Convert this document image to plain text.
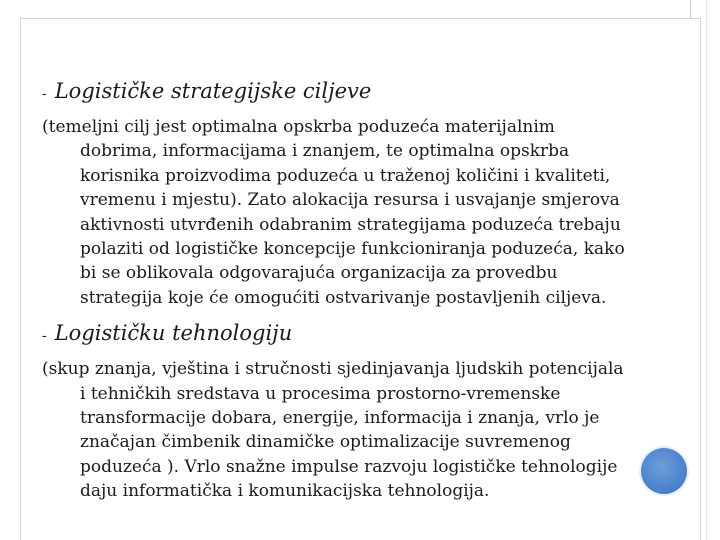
- Logističke strategijske ciljeve

(temeljni cilj jest optimalna opskrba poduzeća materijalnim dobrima, informacijama i znanjem, te optimalna opskrba korisnika proizvodima poduzeća u traženoj količini i kvaliteti, vremenu i mjestu). Zato alokacija resursa i usvajanje smjerova aktivnosti utvrđenih odabranim strategijama poduzeća trebaju polaziti od logističke koncepcije funkcioniranja poduzeća, kako bi se oblikovala odgovarajuća organizacija za provedbu strategija koje će omogućiti ostvarivanje postavljenih ciljeva.

- Logističku tehnologiju

(skup znanja, vještina i stručnosti sjedinjavanja ljudskih potencijala i tehničkih sredstava u procesima prostorno-vremenske transformacije dobara, energije, informacija i znanja, vrlo je značajan čimbenik dinamičke optimalizacije suvremenog poduzeća ). Vrlo snažne impulse razvoju logističke tehnologije daju informatička i komunikacijska tehnologija.
